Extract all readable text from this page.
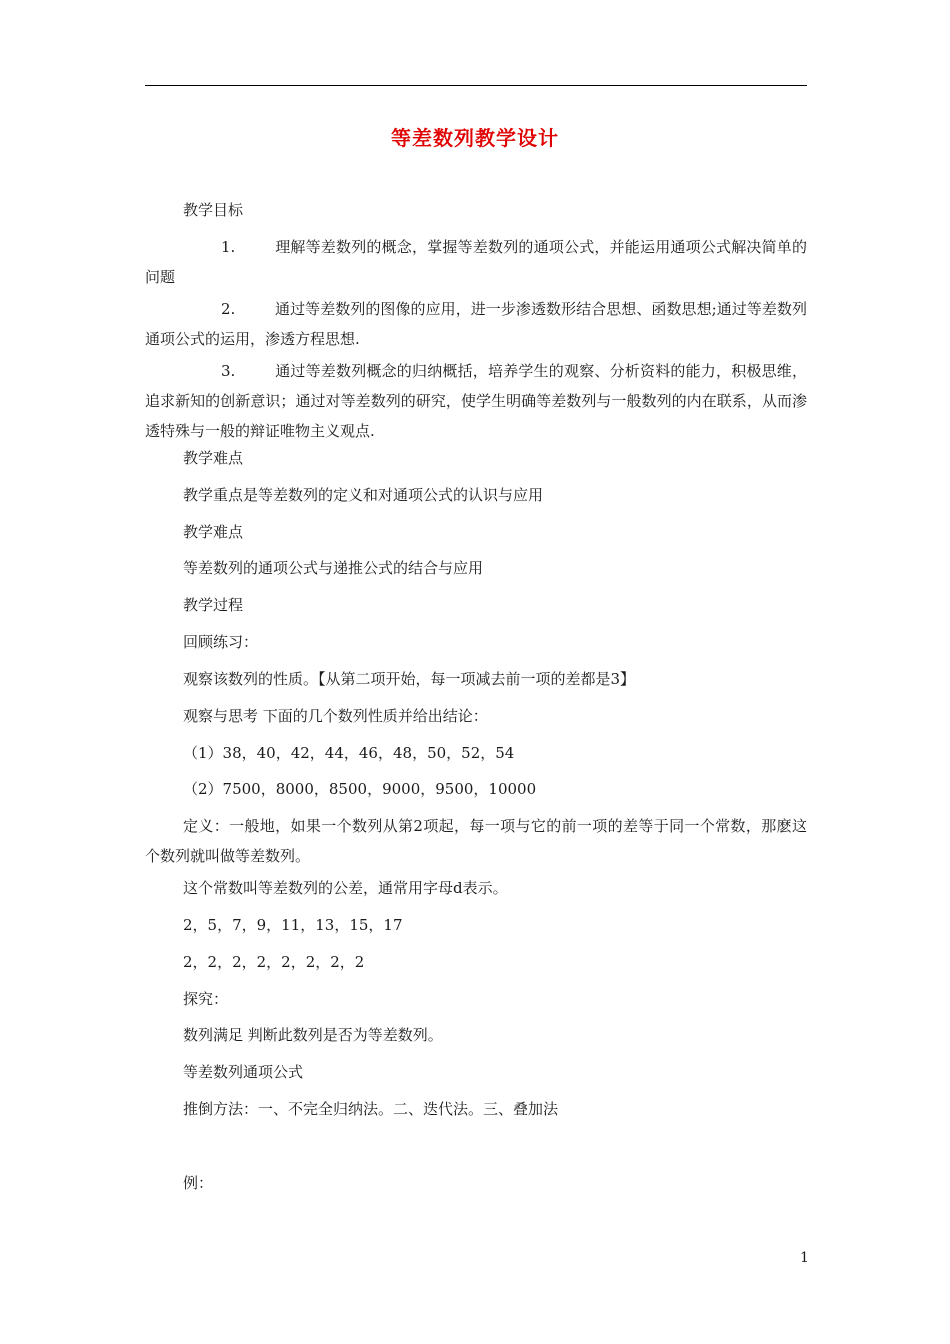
等差数列教学设计
教学目标
1.	理解等差数列的概念，掌握等差数列的通项公式，并能运用通项公式解决简单的问题
2.	通过等差数列的图像的应用，进一步渗透数形结合思想、函数思想;通过等差数列通项公式的运用，渗透方程思想.
3.	通过等差数列概念的归纳概括，培养学生的观察、分析资料的能力，积极思维，追求新知的创新意识；通过对等差数列的研究，使学生明确等差数列与一般数列的内在联系，从而渗透特殊与一般的辩证唯物主义观点.
教学难点
教学重点是等差数列的定义和对通项公式的认识与应用
教学难点
等差数列的通项公式与递推公式的结合与应用
教学过程
回顾练习：
观察该数列的性质。【从第二项开始，每一项减去前一项的差都是3】
观察与思考 下面的几个数列性质并给出结论：
（1）38，40，42，44，46，48，50，52，54
（2）7500，8000，8500，9000，9500，10000
定义：一般地，如果一个数列从第2项起，每一项与它的前一项的差等于同一个常数，那麽这个数列就叫做等差数列。
这个常数叫等差数列的公差，通常用字母d表示。
2，5，7，9，11，13，15，17
2，2，2，2，2，2，2，2
探究：
数列满足 判断此数列是否为等差数列。
等差数列通项公式
推倒方法：一、不完全归纳法。二、迭代法。三、叠加法
例：
1
